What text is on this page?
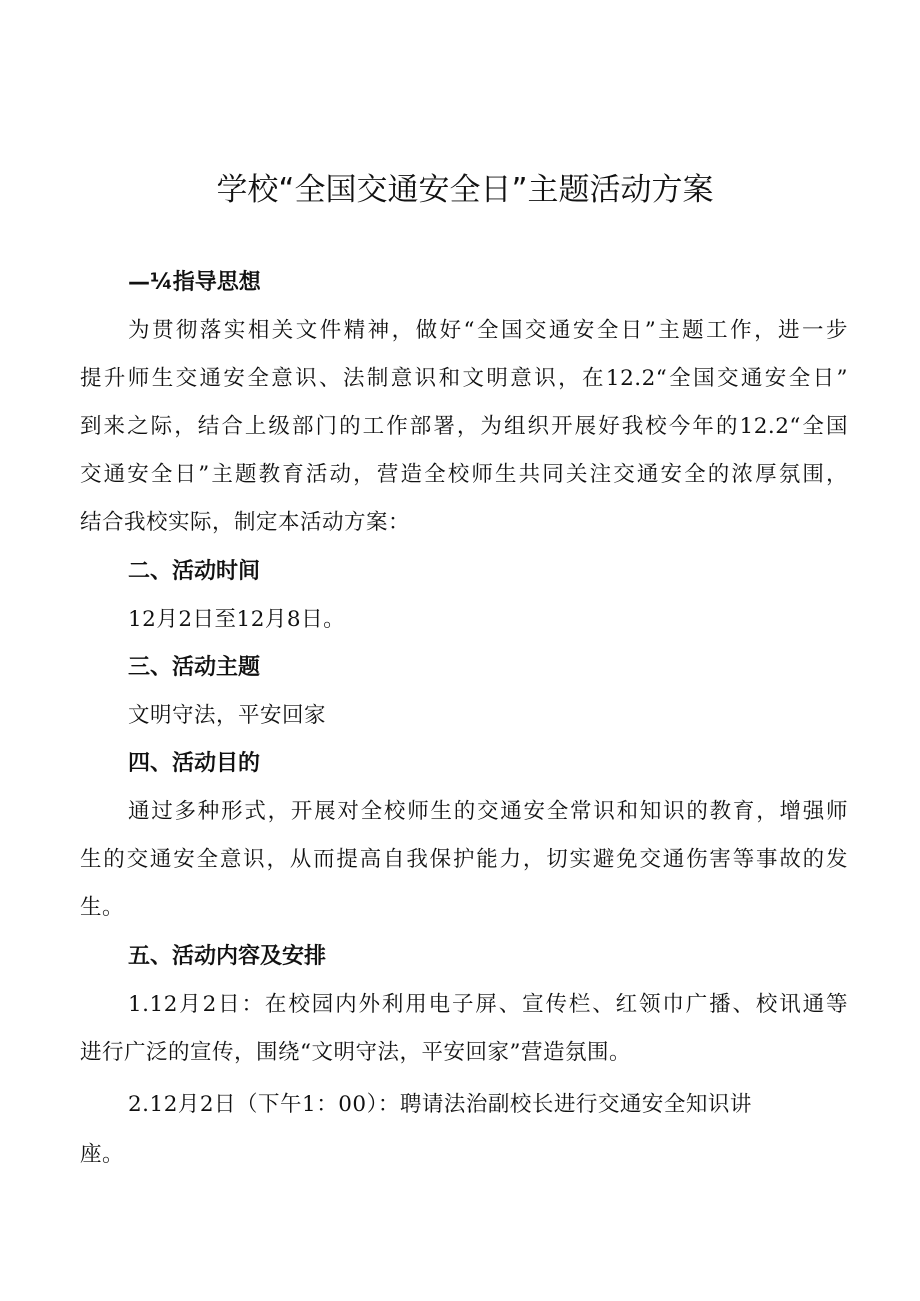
学校“全国交通安全日”主题活动方案

—¼指导思想

为贯彻落实相关文件精神，做好“全国交通安全日”主题工作，进一步

提升师生交通安全意识、法制意识和文明意识，在12.2“全国交通安全日”

到来之际，结合上级部门的工作部署，为组织开展好我校今年的12.2“全国

交通安全日”主题教育活动，营造全校师生共同关注交通安全的浓厚氛围，

结合我校实际，制定本活动方案：

二、活动时间

12月2日至12月8日。

三、活动主题

文明守法，平安回家

四、活动目的

通过多种形式，开展对全校师生的交通安全常识和知识的教育，增强师

生的交通安全意识，从而提高自我保护能力，切实避免交通伤害等事故的发

生。

五、活动内容及安排

1.12月2日：在校园内外利用电子屏、宣传栏、红领巾广播、校讯通等

进行广泛的宣传，围绕“文明守法，平安回家”营造氛围。

2.12月2日（下午1：00）：聘请法治副校长进行交通安全知识讲

座。
